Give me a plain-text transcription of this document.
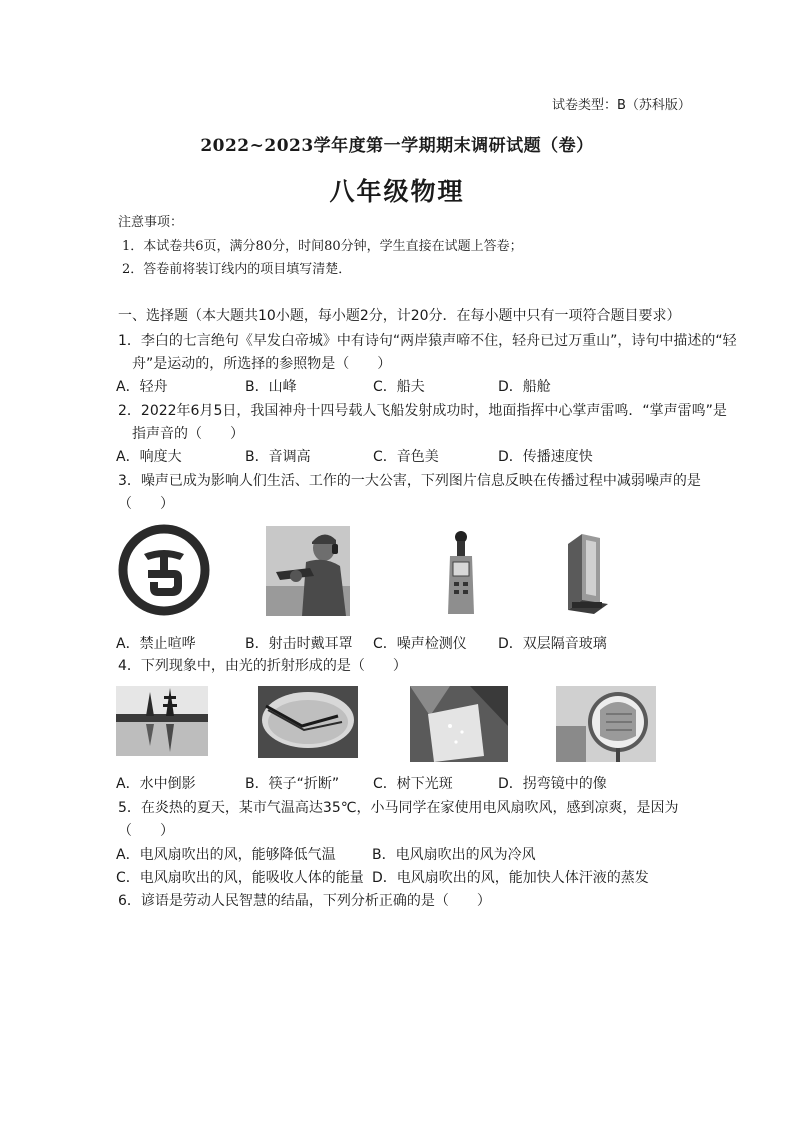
试卷类型：B（苏科版）
2022~2023学年度第一学期期末调研试题（卷）
八年级物理
注意事项：
1．本试卷共6页，满分80分，时间80分钟，学生直接在试题上答卷；
2．答卷前将装订线内的项目填写清楚．
一、选择题（本大题共10小题，每小题2分，计20分．在每小题中只有一项符合题目要求）
1．李白的七言绝句《早发白帝城》中有诗句“两岸猿声啼不住，轻舟已过万重山”，诗句中描述的“轻
舟”是运动的，所选择的参照物是（　　）
A．轻舟	B．山峰	C．船夫	D．船舱
2．2022年6月5日，我国神舟十四号载人飞船发射成功时，地面指挥中心掌声雷鸣．“掌声雷鸣”是
指声音的（　　）
A．响度大	B．音调高	C．音色美	D．传播速度快
3．噪声已成为影响人们生活、工作的一大公害，下列图片信息反映在传播过程中减弱噪声的是
（　　）
A．禁止喧哗	B．射击时戴耳罩 C．噪声检测仪 D．双层隔音玻璃
4．下列现象中，由光的折射形成的是（　　）
A．水中倒影	B．筷子“折断” C．树下光斑	D．拐弯镜中的像
5．在炎热的夏天，某市气温高达35℃，小马同学在家使用电风扇吹风，感到凉爽，是因为
（　　）
A．电风扇吹出的风，能够降低气温	B．电风扇吹出的风为冷风
C．电风扇吹出的风，能吸收人体的能量 D．电风扇吹出的风，能加快人体汗液的蒸发
6．谚语是劳动人民智慧的结晶，下列分析正确的是（　　）
